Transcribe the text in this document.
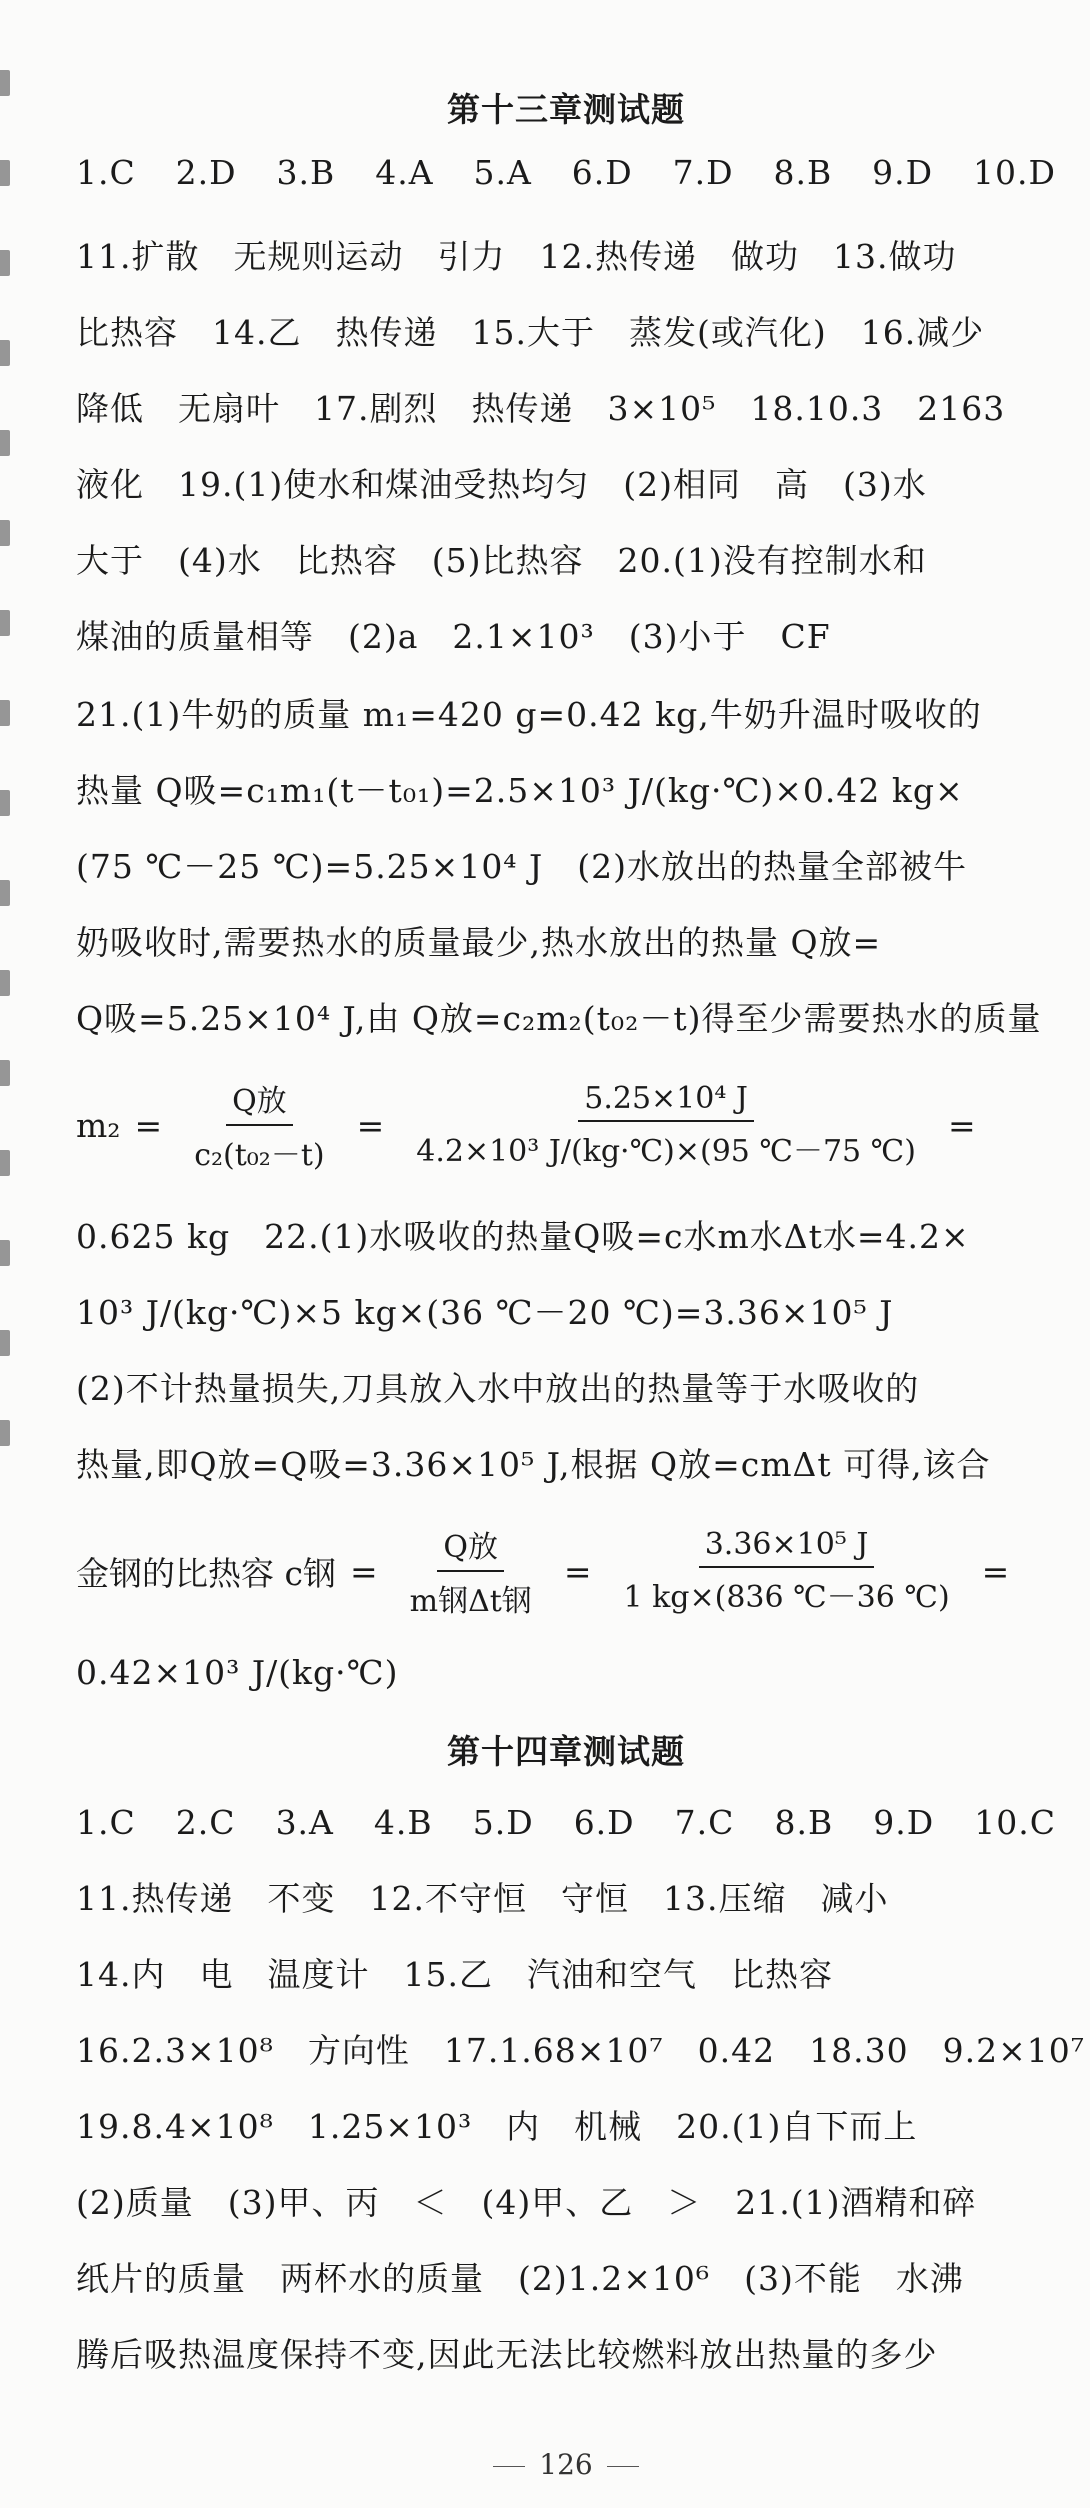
第十三章测试题
1.C 2.D 3.B 4.A 5.A 6.D 7.D 8.B 9.D 10.D
11.扩散　无规则运动　引力　12.热传递　做功　13.做功
比热容　14.乙　热传递　15.大于　蒸发(或汽化)　16.减少
降低　无扇叶　17.剧烈　热传递　3×10⁵　18.10.3　2163
液化　19.(1)使水和煤油受热均匀　(2)相同　高　(3)水
大于　(4)水　比热容　(5)比热容　20.(1)没有控制水和
煤油的质量相等　(2)a　2.1×10³　(3)小于　CF
21.(1)牛奶的质量 m₁=420 g=0.42 kg,牛奶升温时吸收的
热量 Q吸=c₁m₁(t－t₀₁)=2.5×10³ J/(kg·℃)×0.42 kg×
(75 ℃－25 ℃)=5.25×10⁴ J　(2)水放出的热量全部被牛
奶吸收时,需要热水的质量最少,热水放出的热量 Q放=
Q吸=5.25×10⁴ J,由 Q放=c₂m₂(t₀₂－t)得至少需要热水的质量
$m_2 = \frac{\text{Q放}}{\text{c₂(t₀₂－t)}} = \frac{\text{5.25×10⁴ J}}{\text{4.2×10³ J/(kg·℃)×(95 ℃－75 ℃)}}$ =
0.625 kg　22.(1)水吸收的热量Q吸=c水m水Δt水=4.2×
10³ J/(kg·℃)×5 kg×(36 ℃－20 ℃)=3.36×10⁵ J
(2)不计热量损失,刀具放入水中放出的热量等于水吸收的
热量,即Q放=Q吸=3.36×10⁵ J,根据 Q放=cmΔt 可得,该合
金钢的比热容 c钢 = $\frac{\text{Q放}}{\text{m钢Δt钢}} = \frac{\text{3.36×10⁵ J}}{1 kg\times(836 ℃-36 ℃)}$ =
0.42×10³ J/(kg·℃)
第十四章测试题
1.C 2.C 3.A 4.B 5.D 6.D 7.C 8.B 9.D 10.C
11.热传递　不变　12.不守恒　守恒　13.压缩　减小
14.内　电　温度计　15.乙　汽油和空气　比热容
16.2.3×10⁸　方向性　17.1.68×10⁷　0.42　18.30　9.2×10⁷
19.8.4×10⁸　1.25×10³　内　机械　20.(1)自下而上
(2)质量　(3)甲、丙　＜　(4)甲、乙　＞　21.(1)酒精和碎
纸片的质量　两杯水的质量　(2)1.2×10⁶　(3)不能　水沸
腾后吸热温度保持不变,因此无法比较燃料放出热量的多少
126
